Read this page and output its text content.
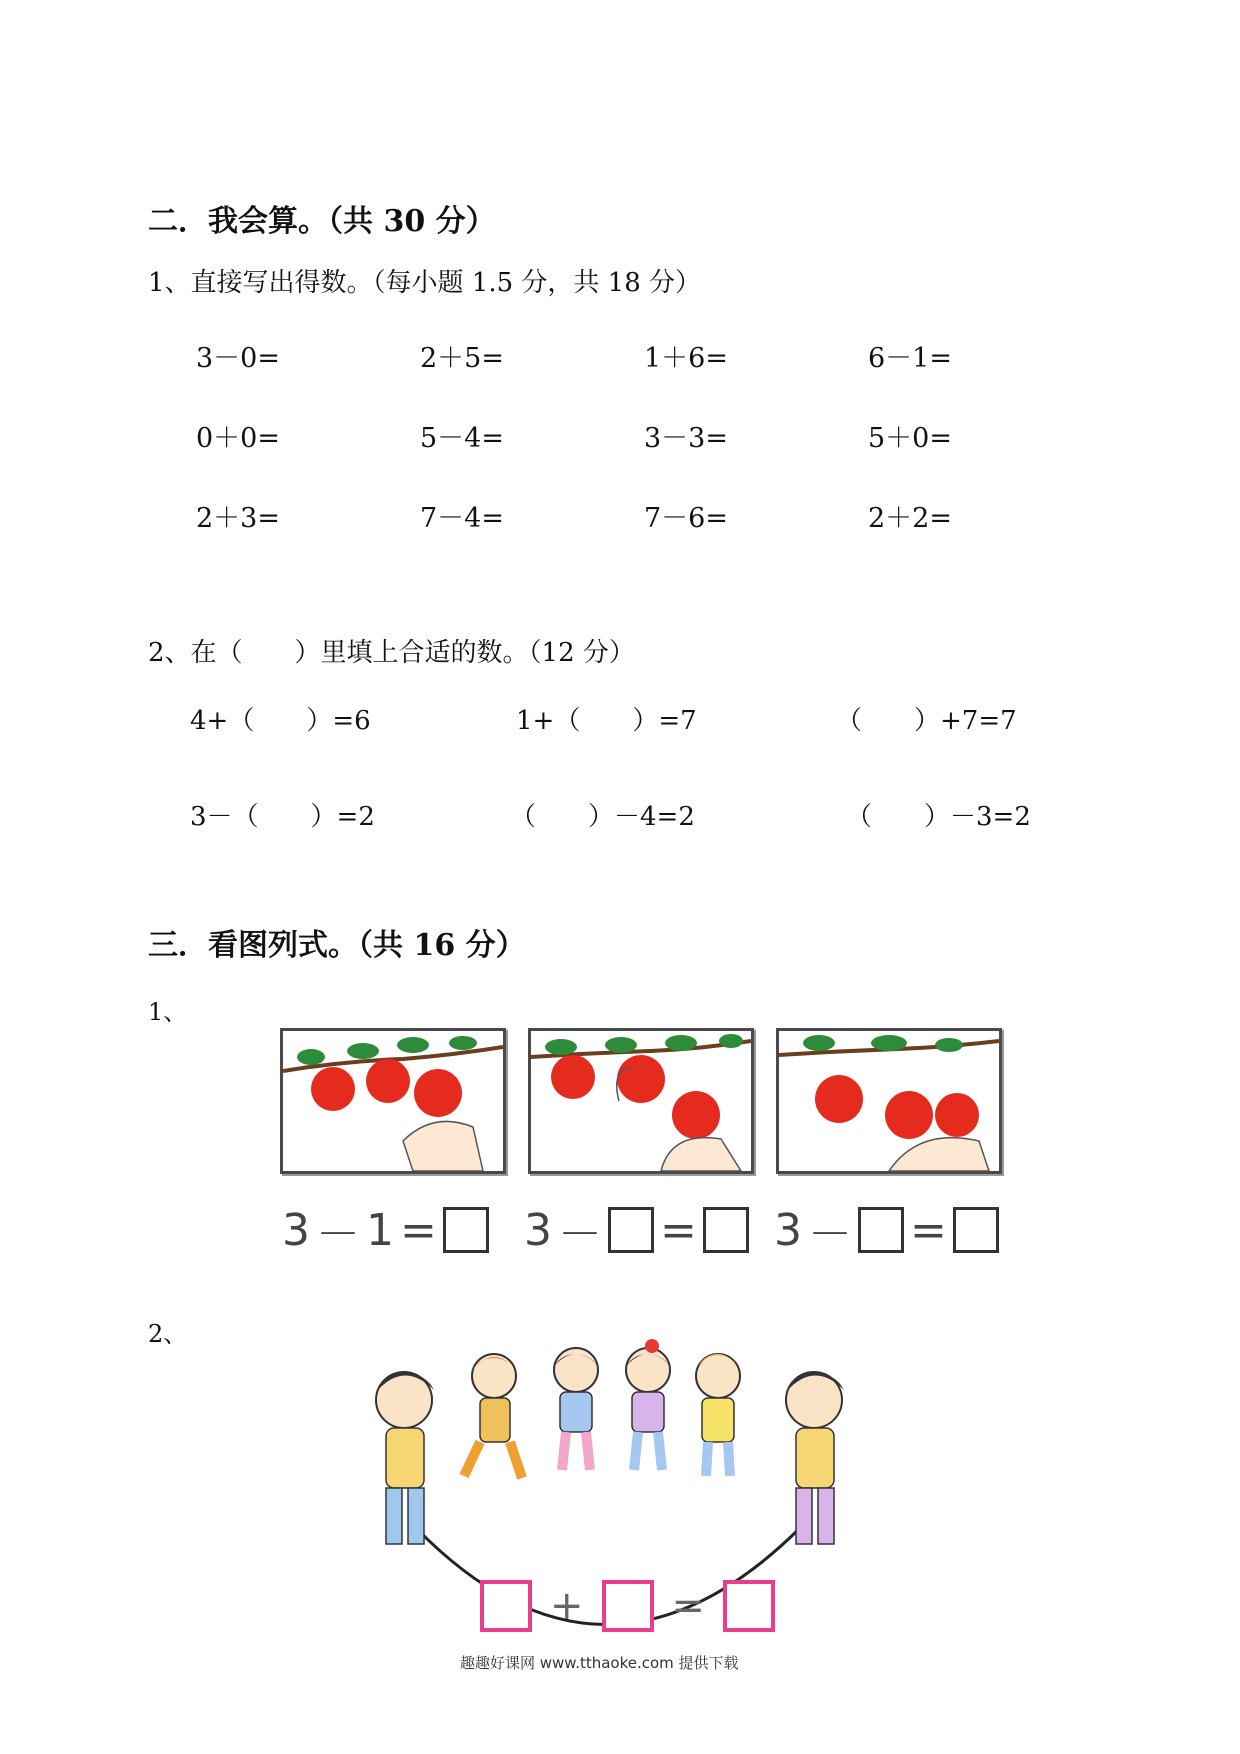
二．我会算。（共 30 分）
1、直接写出得数。（每小题 1.5 分，共 18 分）
3－0=	2＋5=	1＋6=	6－1=
0＋0=	5－4=	3－3=	5＋0=
2＋3=	7－4=	7－6=	2＋2=
2、在（　　）里填上合适的数。（12 分）
4+（　　）=6	1+（　　）=7	（　　）+7=7
3－（　　）=2	（　　）－4=2	（　　）－3=2
三．看图列式。（共 16 分）
1、
3 － 1 = 3 － = 3 － =
2、
+ =
趣趣好课网 www.tthaoke.com 提供下载
